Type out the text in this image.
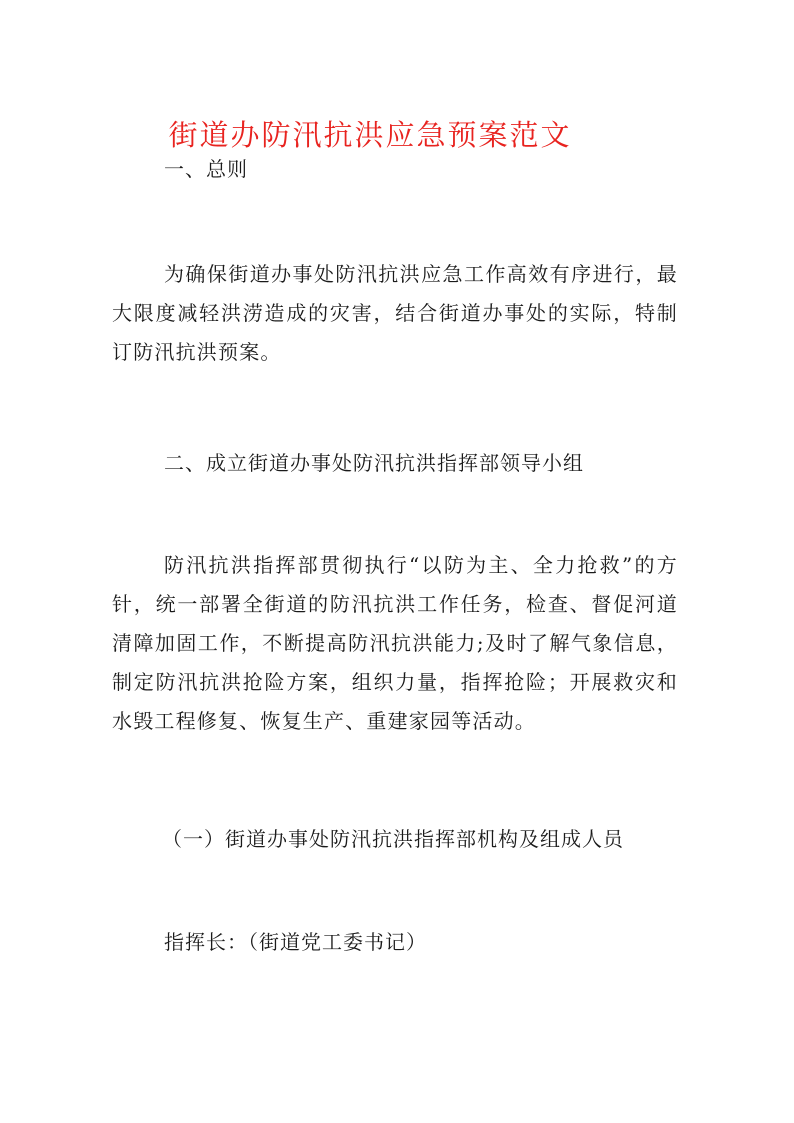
街道办防汛抗洪应急预案范文
一、总则

为确保街道办事处防汛抗洪应急工作高效有序进行，最大限度减轻洪涝造成的灾害，结合街道办事处的实际，特制订防汛抗洪预案。

二、成立街道办事处防汛抗洪指挥部领导小组

防汛抗洪指挥部贯彻执行“以防为主、全力抢救”的方针，统一部署全街道的防汛抗洪工作任务，检查、督促河道清障加固工作，不断提高防汛抗洪能力;及时了解气象信息，制定防汛抗洪抢险方案，组织力量，指挥抢险；开展救灾和水毁工程修复、恢复生产、重建家园等活动。

（一）街道办事处防汛抗洪指挥部机构及组成人员
指挥长：（街道党工委书记）
